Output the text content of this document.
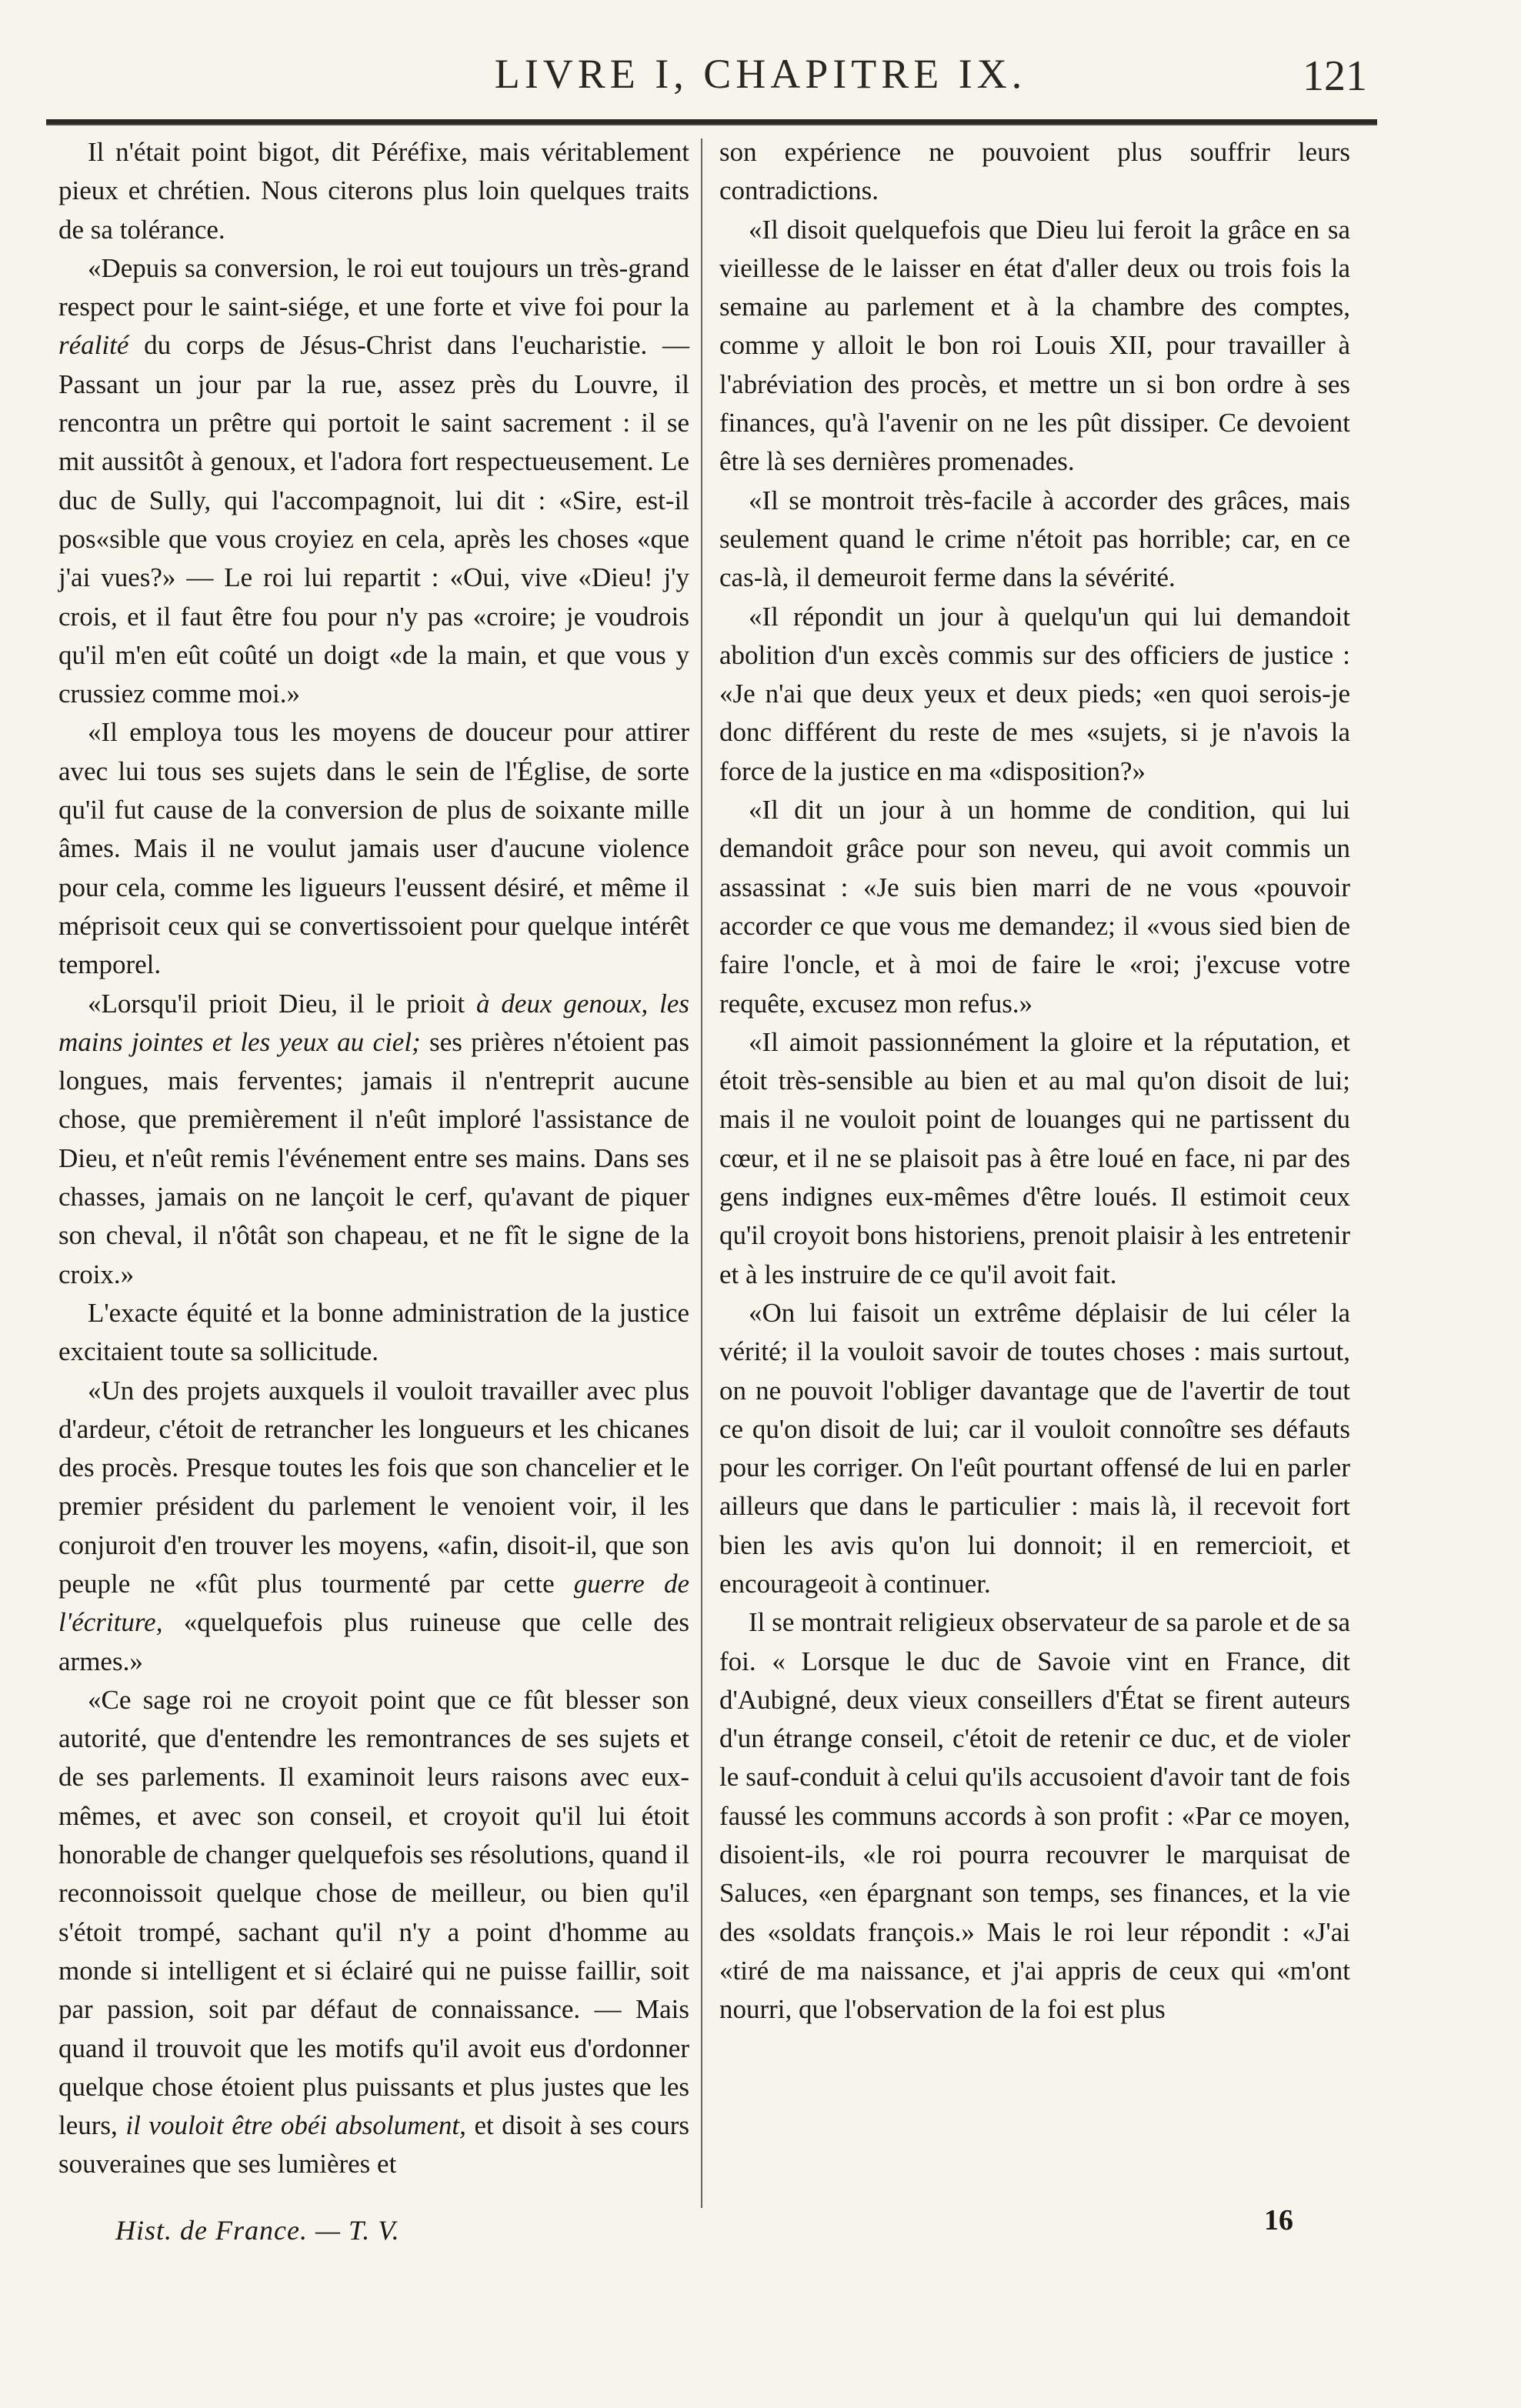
LIVRE I, CHAPITRE IX.	121

Il n'était point bigot, dit Péréfixe, mais véritablement pieux et chrétien. Nous citerons plus loin quelques traits de sa tolérance.

«Depuis sa conversion, le roi eut toujours un très-grand respect pour le saint-siége, et une forte et vive foi pour la réalité du corps de Jésus-Christ dans l'eucharistie. — Passant un jour par la rue, assez près du Louvre, il rencontra un prêtre qui portoit le saint sacrement : il se mit aussitôt à genoux, et l'adora fort respectueusement. Le duc de Sully, qui l'accompagnoit, lui dit : «Sire, est-il pos«sible que vous croyiez en cela, après les choses «que j'ai vues?» — Le roi lui repartit : «Oui, vive «Dieu! j'y crois, et il faut être fou pour n'y pas «croire; je voudrois qu'il m'en eût coûté un doigt «de la main, et que vous y crussiez comme moi.»

«Il employa tous les moyens de douceur pour attirer avec lui tous ses sujets dans le sein de l'Église, de sorte qu'il fut cause de la conversion de plus de soixante mille âmes. Mais il ne voulut jamais user d'aucune violence pour cela, comme les ligueurs l'eussent désiré, et même il méprisoit ceux qui se convertissoient pour quelque intérêt temporel.

«Lorsqu'il prioit Dieu, il le prioit à deux genoux, les mains jointes et les yeux au ciel; ses prières n'étoient pas longues, mais ferventes; jamais il n'entreprit aucune chose, que premièrement il n'eût imploré l'assistance de Dieu, et n'eût remis l'événement entre ses mains. Dans ses chasses, jamais on ne lançoit le cerf, qu'avant de piquer son cheval, il n'ôtât son chapeau, et ne fît le signe de la croix.»

L'exacte équité et la bonne administration de la justice excitaient toute sa sollicitude.

«Un des projets auxquels il vouloit travailler avec plus d'ardeur, c'étoit de retrancher les longueurs et les chicanes des procès. Presque toutes les fois que son chancelier et le premier président du parlement le venoient voir, il les conjuroit d'en trouver les moyens, «afin, disoit-il, que son peuple ne «fût plus tourmenté par cette guerre de l'écriture, «quelquefois plus ruineuse que celle des armes.»

«Ce sage roi ne croyoit point que ce fût blesser son autorité, que d'entendre les remontrances de ses sujets et de ses parlements. Il examinoit leurs raisons avec eux-mêmes, et avec son conseil, et croyoit qu'il lui étoit honorable de changer quelquefois ses résolutions, quand il reconnoissoit quelque chose de meilleur, ou bien qu'il s'étoit trompé, sachant qu'il n'y a point d'homme au monde si intelligent et si éclairé qui ne puisse faillir, soit par passion, soit par défaut de connaissance. — Mais quand il trouvoit que les motifs qu'il avoit eus d'ordonner quelque chose étoient plus puissants et plus justes que les leurs, il vouloit être obéi absolument, et disoit à ses cours souveraines que ses lumières et

son expérience ne pouvoient plus souffrir leurs contradictions.

«Il disoit quelquefois que Dieu lui feroit la grâce en sa vieillesse de le laisser en état d'aller deux ou trois fois la semaine au parlement et à la chambre des comptes, comme y alloit le bon roi Louis XII, pour travailler à l'abréviation des procès, et mettre un si bon ordre à ses finances, qu'à l'avenir on ne les pût dissiper. Ce devoient être là ses dernières promenades.

«Il se montroit très-facile à accorder des grâces, mais seulement quand le crime n'étoit pas horrible; car, en ce cas-là, il demeuroit ferme dans la sévérité.

«Il répondit un jour à quelqu'un qui lui demandoit abolition d'un excès commis sur des officiers de justice : «Je n'ai que deux yeux et deux pieds; «en quoi serois-je donc différent du reste de mes «sujets, si je n'avois la force de la justice en ma «disposition?»

«Il dit un jour à un homme de condition, qui lui demandoit grâce pour son neveu, qui avoit commis un assassinat : «Je suis bien marri de ne vous «pouvoir accorder ce que vous me demandez; il «vous sied bien de faire l'oncle, et à moi de faire le «roi; j'excuse votre requête, excusez mon refus.»

«Il aimoit passionnément la gloire et la réputation, et étoit très-sensible au bien et au mal qu'on disoit de lui; mais il ne vouloit point de louanges qui ne partissent du cœur, et il ne se plaisoit pas à être loué en face, ni par des gens indignes eux-mêmes d'être loués. Il estimoit ceux qu'il croyoit bons historiens, prenoit plaisir à les entretenir et à les instruire de ce qu'il avoit fait.

«On lui faisoit un extrême déplaisir de lui céler la vérité; il la vouloit savoir de toutes choses : mais surtout, on ne pouvoit l'obliger davantage que de l'avertir de tout ce qu'on disoit de lui; car il vouloit connoître ses défauts pour les corriger. On l'eût pourtant offensé de lui en parler ailleurs que dans le particulier : mais là, il recevoit fort bien les avis qu'on lui donnoit; il en remercioit, et encourageoit à continuer.

Il se montrait religieux observateur de sa parole et de sa foi. « Lorsque le duc de Savoie vint en France, dit d'Aubigné, deux vieux conseillers d'État se firent auteurs d'un étrange conseil, c'étoit de retenir ce duc, et de violer le sauf-conduit à celui qu'ils accusoient d'avoir tant de fois faussé les communs accords à son profit : «Par ce moyen, disoient-ils, «le roi pourra recouvrer le marquisat de Saluces, «en épargnant son temps, ses finances, et la vie des «soldats françois.» Mais le roi leur répondit : «J'ai «tiré de ma naissance, et j'ai appris de ceux qui «m'ont nourri, que l'observation de la foi est plus

Hist. de France. — T. V.	16
